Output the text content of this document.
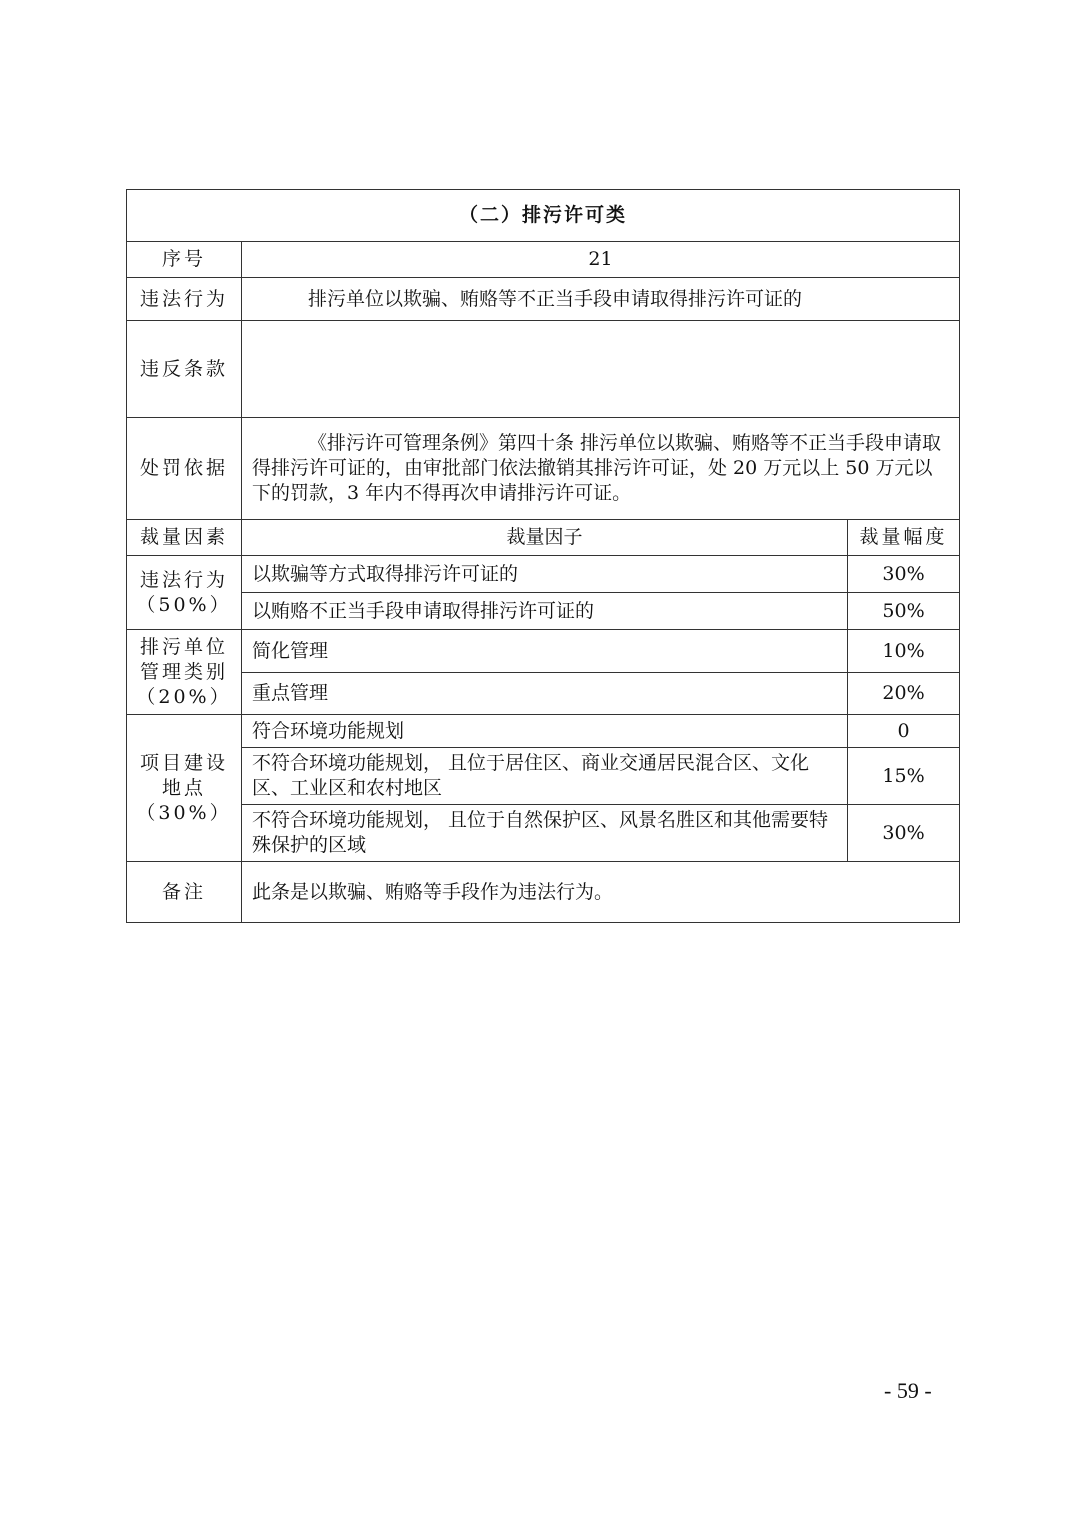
（二）排污许可类		
序号	21	
违法行为	排污单位以欺骗、贿赂等不正当手段申请取得排污许可证的	
违反条款		
处罚依据	《排污许可管理条例》第四十条 排污单位以欺骗、贿赂等不正当手段申请取得排污许可证的，由审批部门依法撤销其排污许可证，处 20 万元以上 50 万元以下的罚款，3 年内不得再次申请排污许可证。	
裁量因素	裁量因子	裁量幅度

违法行为
（50%）	以欺骗等方式取得排污许可证的	30%
	以贿赂不正当手段申请取得排污许可证的	50%

排污单位
管理类别
（20%）	简化管理	10%
	重点管理	20%

项目建设
地点
（30%）	符合环境功能规划	0
	不符合环境功能规划， 且位于居住区、商业交通居民混合区、文化区、工业区和农村地区	15%
	不符合环境功能规划， 且位于自然保护区、风景名胜区和其他需要特殊保护的区域	30%
备注	此条是以欺骗、贿赂等手段作为违法行为。	
- 59 -
